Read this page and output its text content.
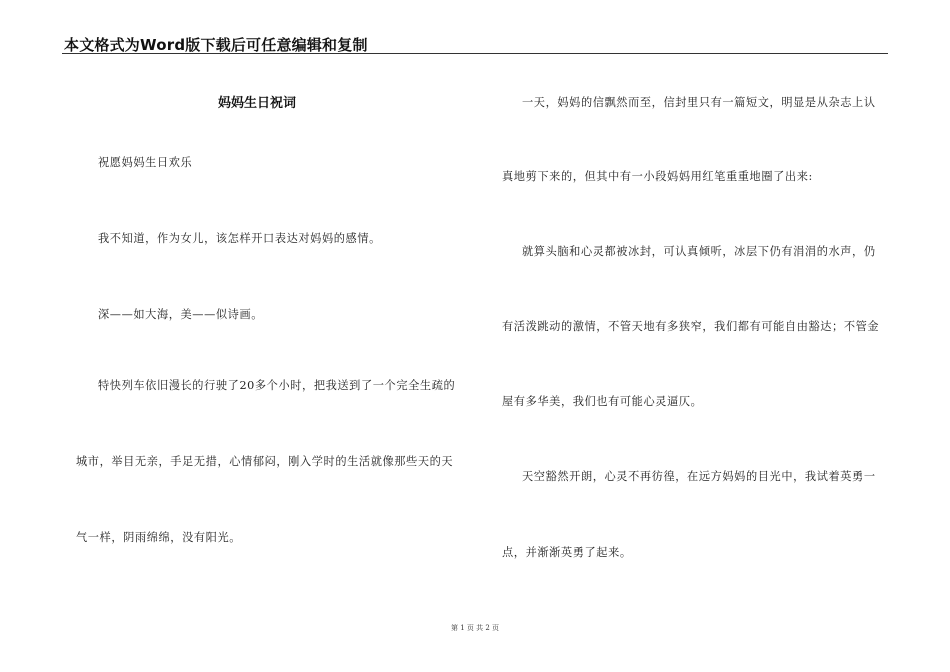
本文格式为Word版下载后可任意编辑和复制
妈妈生日祝词
祝愿妈妈生日欢乐
我不知道，作为女儿，该怎样开口表达对妈妈的感情。
深——如大海，美——似诗画。
特快列车依旧漫长的行驶了20多个小时，把我送到了一个完全生疏的
城市，举目无亲，手足无措，心情郁闷，刚入学时的生活就像那些天的天
气一样，阴雨绵绵，没有阳光。
一天，妈妈的信飘然而至，信封里只有一篇短文，明显是从杂志上认
真地剪下来的，但其中有一小段妈妈用红笔重重地圈了出来:
就算头脑和心灵都被冰封，可认真倾听，冰层下仍有涓涓的水声，仍
有活泼跳动的激情，不管天地有多狭窄，我们都有可能自由豁达；不管金
屋有多华美，我们也有可能心灵逼仄。
天空豁然开朗，心灵不再彷徨，在远方妈妈的目光中，我试着英勇一
点，并渐渐英勇了起来。
第 1 页 共 2 页
